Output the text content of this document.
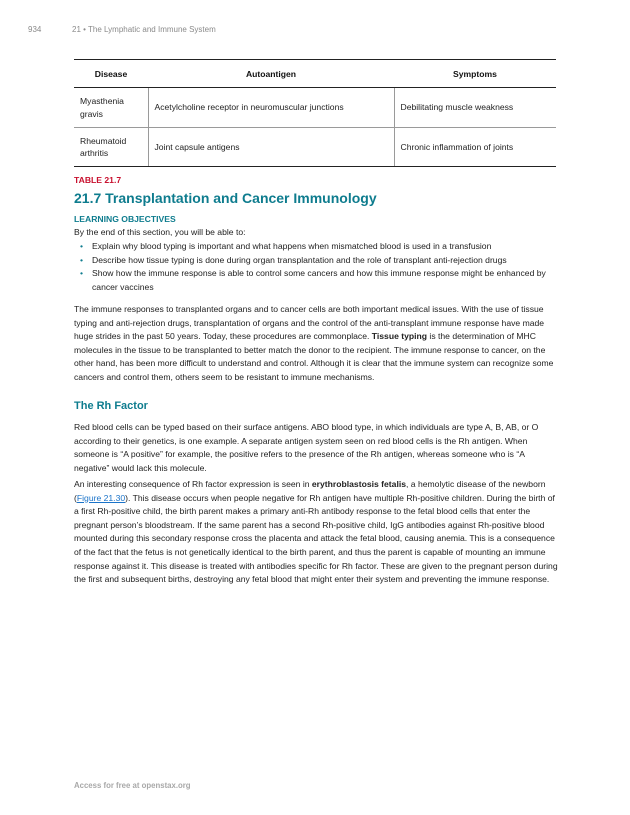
934	21 • The Lymphatic and Immune System
Disease	Autoantigen	Symptoms
Myasthenia gravis	Acetylcholine receptor in neuromuscular junctions	Debilitating muscle weakness
Rheumatoid arthritis	Joint capsule antigens	Chronic inflammation of joints
TABLE 21.7
21.7 Transplantation and Cancer Immunology
LEARNING OBJECTIVES
By the end of this section, you will be able to:
• Explain why blood typing is important and what happens when mismatched blood is used in a transfusion
• Describe how tissue typing is done during organ transplantation and the role of transplant anti-rejection drugs
• Show how the immune response is able to control some cancers and how this immune response might be enhanced by cancer vaccines

The immune responses to transplanted organs and to cancer cells are both important medical issues. With the use of tissue typing and anti-rejection drugs, transplantation of organs and the control of the anti-transplant immune response have made huge strides in the past 50 years. Today, these procedures are commonplace. Tissue typing is the determination of MHC molecules in the tissue to be transplanted to better match the donor to the recipient. The immune response to cancer, on the other hand, has been more difficult to understand and control. Although it is clear that the immune system can recognize some cancers and control them, others seem to be resistant to immune mechanisms.

The Rh Factor

Red blood cells can be typed based on their surface antigens. ABO blood type, in which individuals are type A, B, AB, or O according to their genetics, is one example. A separate antigen system seen on red blood cells is the Rh antigen. When someone is “A positive” for example, the positive refers to the presence of the Rh antigen, whereas someone who is “A negative” would lack this molecule.

An interesting consequence of Rh factor expression is seen in erythroblastosis fetalis, a hemolytic disease of the newborn (Figure 21.30). This disease occurs when people negative for Rh antigen have multiple Rh-positive children. During the birth of a first Rh-positive child, the birth parent makes a primary anti-Rh antibody response to the fetal blood cells that enter the pregnant person’s bloodstream. If the same parent has a second Rh-positive child, IgG antibodies against Rh-positive blood mounted during this secondary response cross the placenta and attack the fetal blood, causing anemia. This is a consequence of the fact that the fetus is not genetically identical to the birth parent, and thus the parent is capable of mounting an immune response against it. This disease is treated with antibodies specific for Rh factor. These are given to the pregnant person during the first and subsequent births, destroying any fetal blood that might enter their system and preventing the immune response.

Access for free at openstax.org
